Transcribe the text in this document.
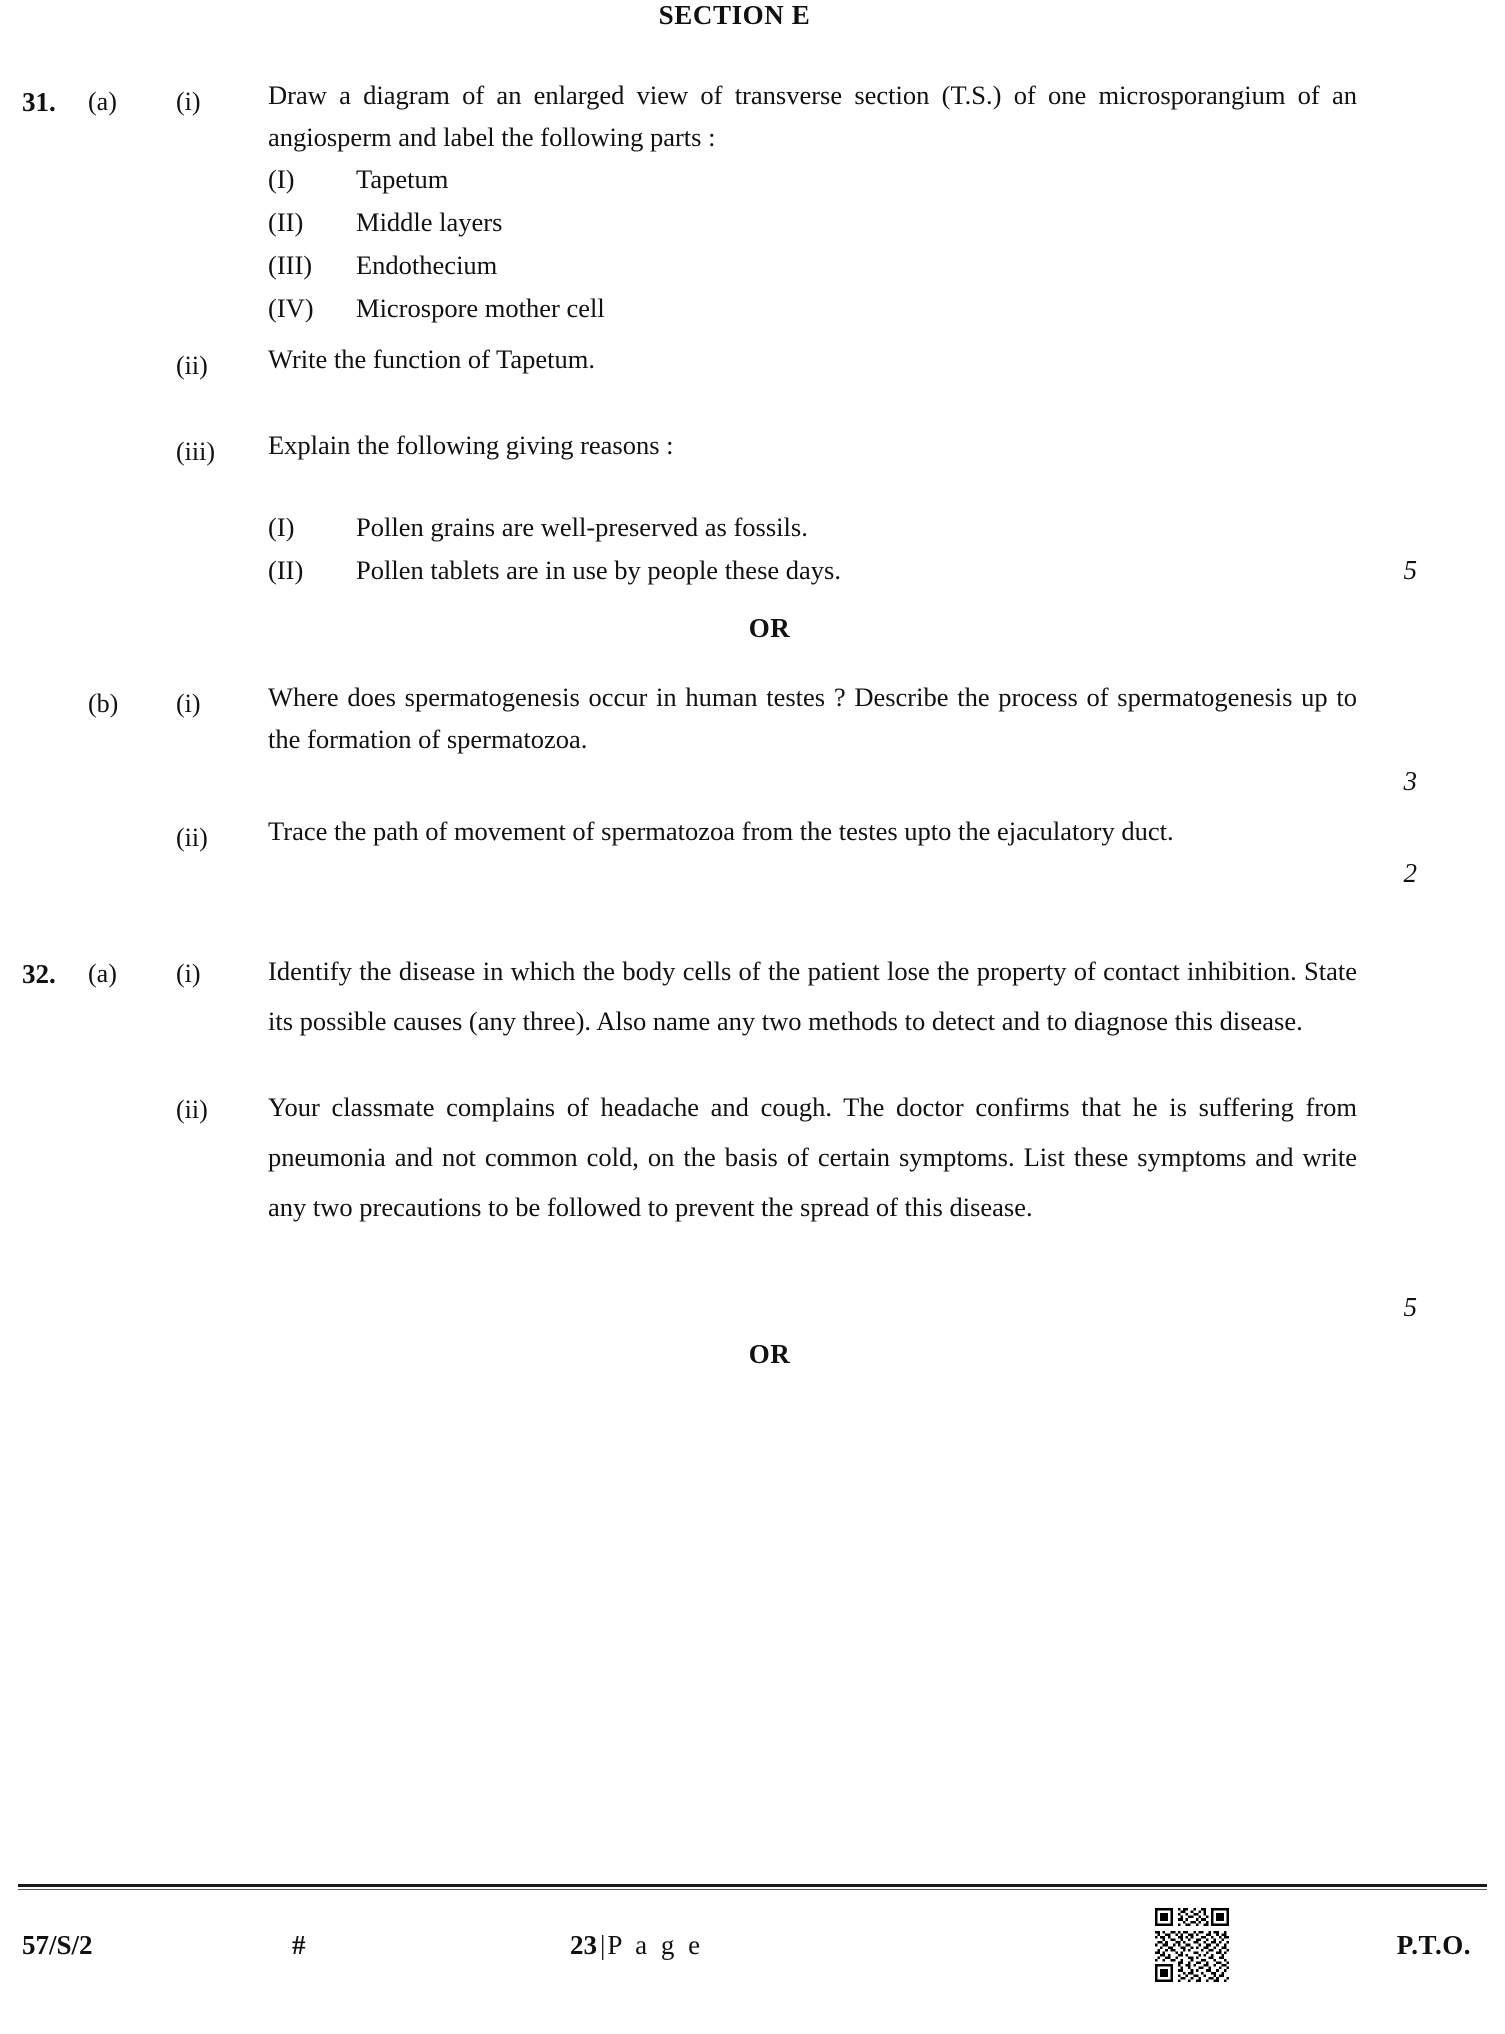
SECTION E
31.	(a)	(i)	Draw a diagram of an enlarged view of transverse section (T.S.) of one microsporangium of an angiosperm and label the following parts :
(I)	Tapetum
(II)	Middle layers
(III)	Endothecium
(IV)	Microspore mother cell
(ii)	Write the function of Tapetum.
(iii)	Explain the following giving reasons :
(I)	Pollen grains are well-preserved as fossils.
(II)	Pollen tablets are in use by people these days.
	5
OR
(b)	(i)	Where does spermatogenesis occur in human testes ? Describe the process of spermatogenesis up to the formation of spermatozoa.

3
(ii)	Trace the path of movement of spermatozoa from the testes upto the ejaculatory duct.

2
32.	(a)	(i)	Identify the disease in which the body cells of the patient lose the property of contact inhibition. State its possible causes (any three). Also name any two methods to detect and to diagnose this disease.
(ii)	Your classmate complains of headache and cough. The doctor confirms that he is suffering from pneumonia and not common cold, on the basis of certain symptoms. List these symptoms and write any two precautions to be followed to prevent the spread of this disease.

5
OR
57/S/2	#	23 |P a g e	P.T.O.
